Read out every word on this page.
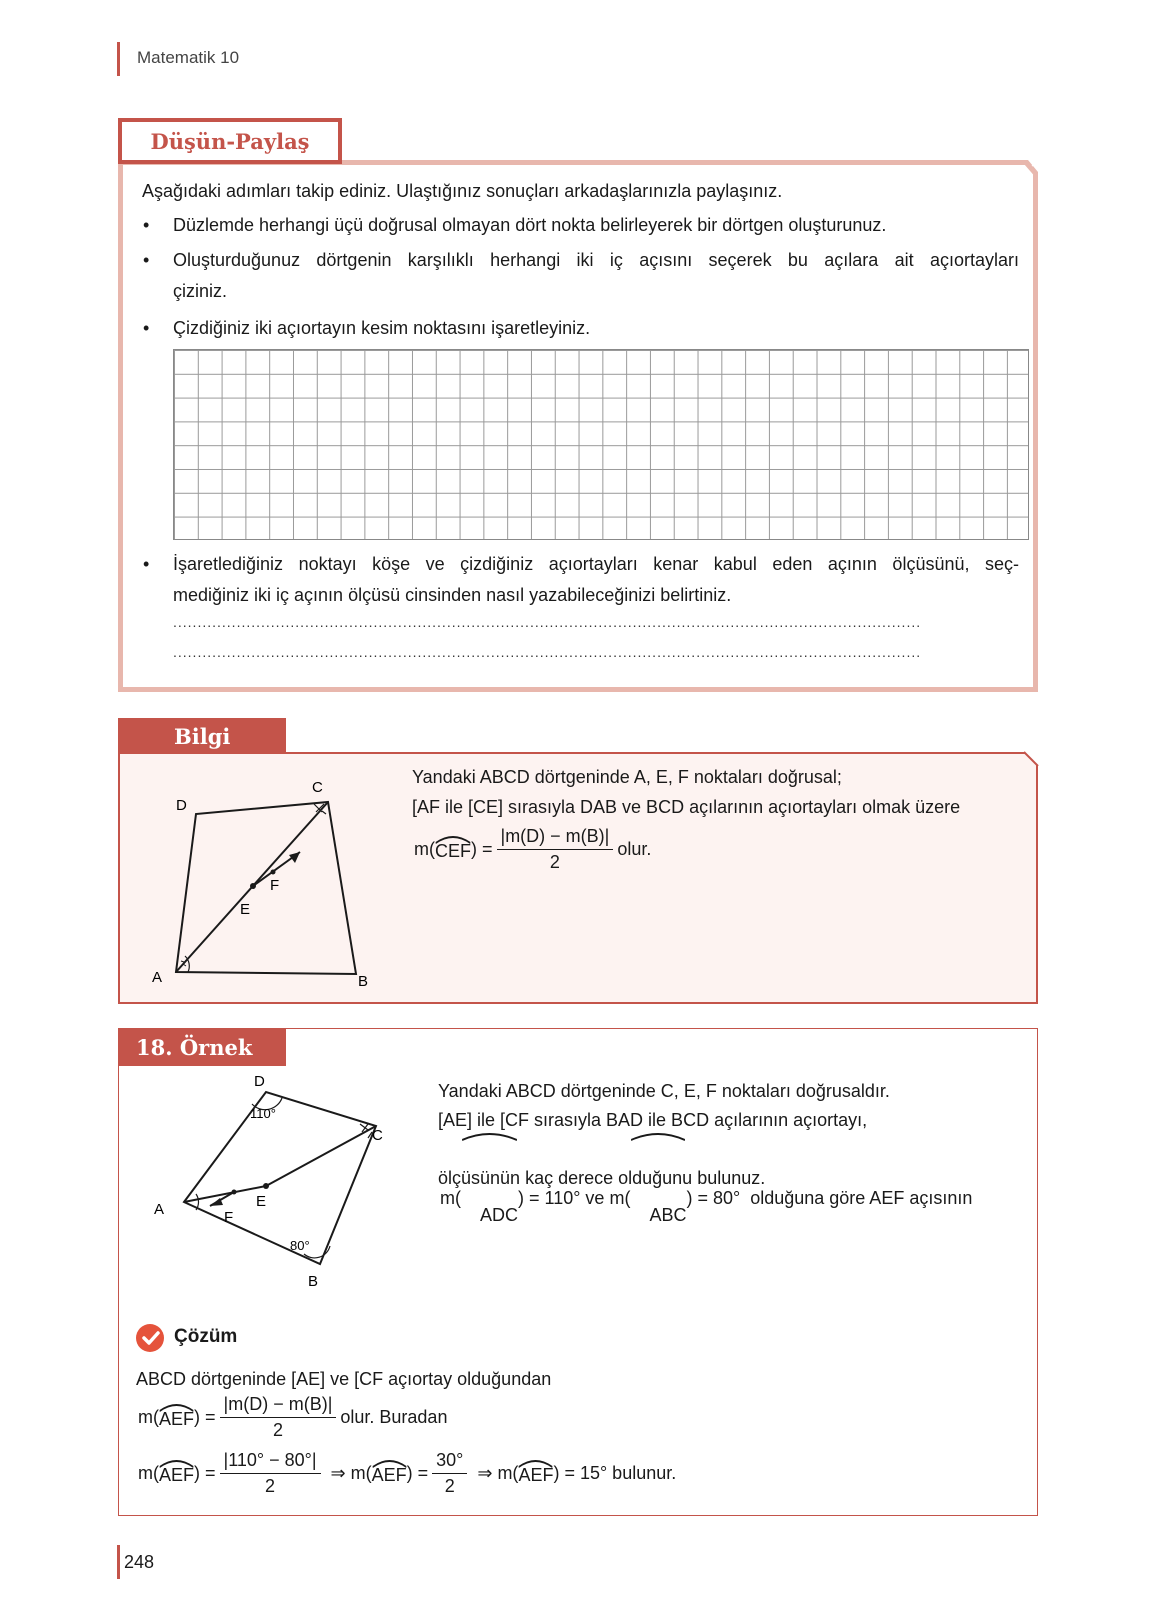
Matematik 10
Düşün-Paylaş
Aşağıdaki adımları takip ediniz. Ulaştığınız sonuçları arkadaşlarınızla paylaşınız.
• Düzlemde herhangi üçü doğrusal olmayan dört nokta belirleyerek bir dörtgen oluşturunuz.
• Oluşturduğunuz dörtgenin karşılıklı herhangi iki iç açısını seçerek bu açılara ait açıortayları
çiziniz.
• Çizdiğiniz iki açıortayın kesim noktasını işaretleyiniz.
• İşaretlediğiniz noktayı köşe ve çizdiğiniz açıortayları kenar kabul eden açının ölçüsünü, seç-
mediğiniz iki iç açının ölçüsü cinsinden nasıl yazabileceğinizi belirtiniz.
.........................................................................................................................................................
.........................................................................................................................................................
Bilgi
C
D
F
E
A	B
Yandaki ABCD dörtgeninde A, E, F noktaları doğrusal;
[AF ile [CE] sırasıyla DAB ve BCD açılarının açıortayları olmak üzere
m( CEF ) = $\frac{|m(D) - m(B)|}{2}$ olur.
18. Örnek
D
110°
C
E
F
A
80°
B
Yandaki ABCD dörtgeninde C, E, F noktaları doğrusaldır.
[AE] ile [CF sırasıyla BAD ile BCD açılarının açıortayı,
m(

ADC

) = 110° ve m(

ABC

) = 80°  olduğuna göre AEF açısının
ölçüsünün kaç derece olduğunu bulunuz.
Çözüm
ABCD dörtgeninde [AE] ve [CF açıortay olduğundan
m( AEF ) = $\frac{|m(D) - m(B)|}{2}$ olur. Buradan
m( AEF ) = $\frac{|110^\circ - 80^\circ|}{2}$ ⇒ m( AEF ) = $\frac{30^\circ}{2}$ ⇒ m( AEF ) = 15° bulunur.
248
